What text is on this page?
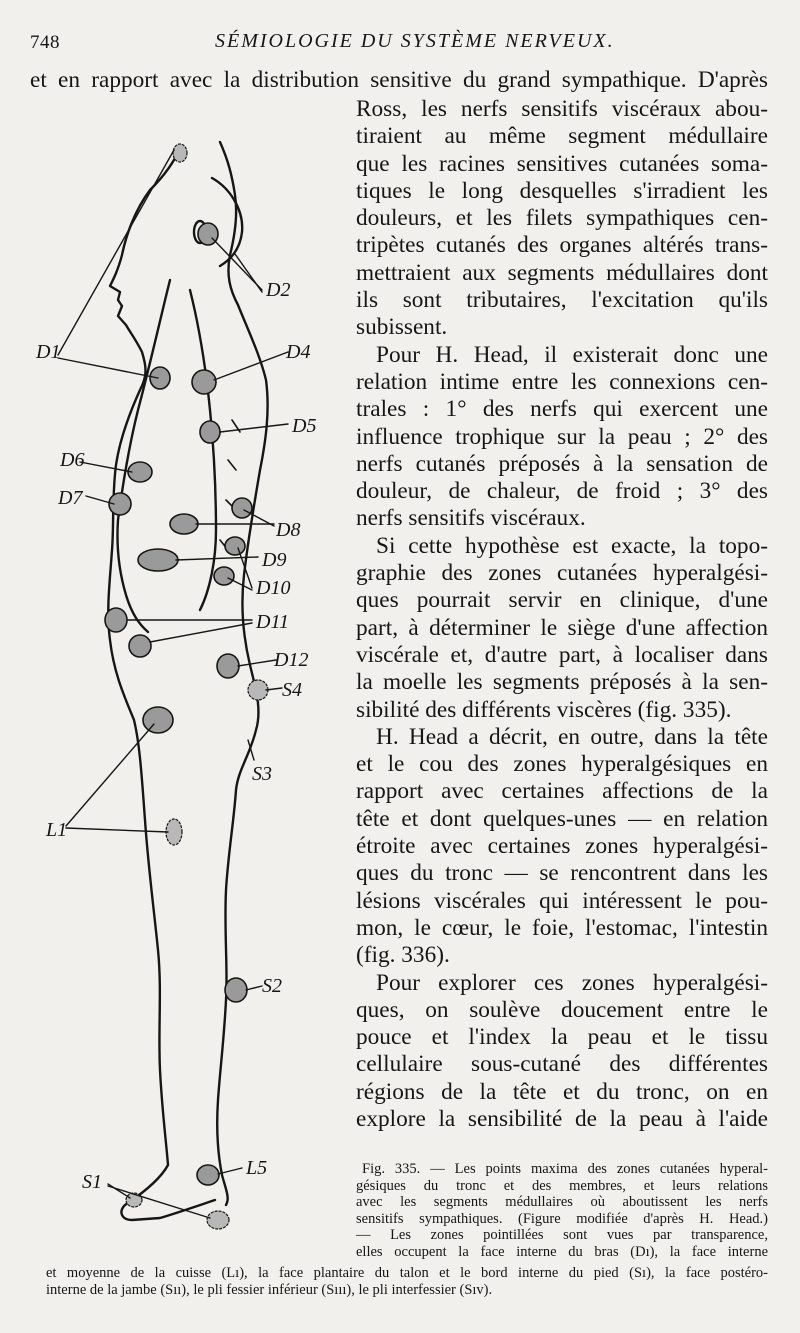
748	SÉMIOLOGIE DU SYSTÈME NERVEUX.
et en rapport avec la distribution sensitive du grand sympathique. D'après
Ross, les nerfs sensitifs viscéraux abou-
tiraient au même segment médullaire
que les racines sensitives cutanées soma-
tiques le long desquelles s'irradient les
douleurs, et les filets sympathiques cen-
tripètes cutanés des organes altérés trans-
mettraient aux segments médullaires dont
ils sont tributaires, l'excitation qu'ils
subissent.
Pour H. Head, il existerait donc une
relation intime entre les connexions cen-
trales : 1° des nerfs qui exercent une
influence trophique sur la peau ; 2° des
nerfs cutanés préposés à la sensation de
douleur, de chaleur, de froid ; 3° des
nerfs sensitifs viscéraux.
Si cette hypothèse est exacte, la topo-
graphie des zones cutanées hyperalgési-
ques pourrait servir en clinique, d'une
part, à déterminer le siège d'une affection
viscérale et, d'autre part, à localiser dans
la moelle les segments préposés à la sen-
sibilité des différents viscères (fig. 335).
H. Head a décrit, en outre, dans la tête
et le cou des zones hyperalgésiques en
rapport avec certaines affections de la
tête et dont quelques-unes — en relation
étroite avec certaines zones hyperalgési-
ques du tronc — se rencontrent dans les
lésions viscérales qui intéressent le pou-
mon, le cœur, le foie, l'estomac, l'intestin
(fig. 336).
Pour explorer ces zones hyperalgési-
ques, on soulève doucement entre le
pouce et l'index la peau et le tissu
cellulaire sous-cutané des différentes
régions de la tête et du tronc, on en
explore la sensibilité de la peau à l'aide
D1
D2
D4
D5
D6
D7
D8
D9
D10
D11
D12
S4
S3
L1
S2
L5
S1
Fig. 335. — Les points maxima des zones cutanées hyperal-
gésiques du tronc et des membres, et leurs relations
avec les segments médullaires où aboutissent les nerfs
sensitifs sympathiques. (Figure modifiée d'après H. Head.)
— Les zones pointillées sont vues par transparence,
elles occupent la face interne du bras (Dı), la face interne
et moyenne de la cuisse (Lı), la face plantaire du talon et le bord interne du pied (Sı), la face postéro-
interne de la jambe (Sıı), le pli fessier inférieur (Sııı), le pli interfessier (Sıv).
